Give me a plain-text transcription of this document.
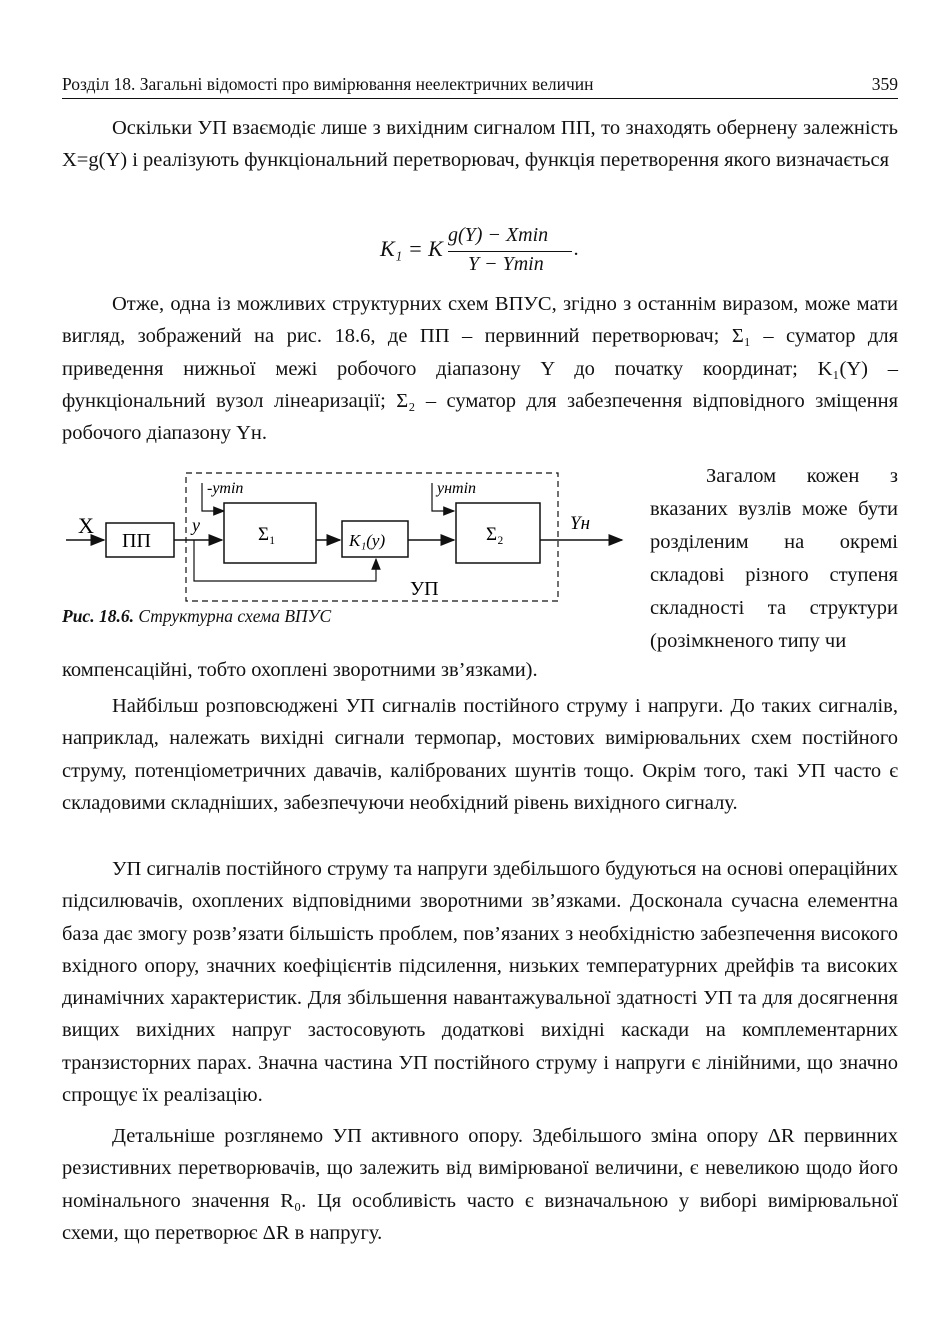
Розділ 18. Загальні відомості про вимірювання неелектричних величин	359

Оскільки УП взаємодіє лише з вихідним сигналом ПП, то знаходять обернену залежність X=g(Y) і реалізують функціональний перетворювач, функція перетворення якого визначається

K₁ = K
g(Y) − Xmin
Y − Ymin
.

Отже, одна із можливих структурних схем ВПУС, згідно з останнім виразом, може мати вигляд, зображений на рис. 18.6, де ПП – первинний перетворювач; Σ₁ – суматор для приведення нижньої межі робочого діапазону Y до початку координат; K₁(Y) – функціональний вузол лінеаризації; Σ₂ – суматор для забезпечення відповідного зміщення робочого діапазону Yн.

X
ПП
y
-ymin
Σ₁	K₁(y)
yнmin
Σ₂
Yн
УП
Рис. 18.6. Структурна схема ВПУС
Загалом кожен з вказаних вузлів може бути розділеним на окремі складові різного ступеня складності та структури (розімкненого типу чи

компенсаційні, тобто охоплені зворотними зв’язками).

Найбільш розповсюджені УП сигналів постійного струму і напруги. До таких сигналів, наприклад, належать вихідні сигнали термопар, мостових вимірювальних схем постійного струму, потенціометричних давачів, каліброваних шунтів тощо. Окрім того, такі УП часто є складовими складніших, забезпечуючи необхідний рівень вихідного сигналу.

УП сигналів постійного струму та напруги здебільшого будуються на основі операційних підсилювачів, охоплених відповідними зворотними зв’язками. Досконала сучасна елементна база дає змогу розв’язати більшість проблем, пов’язаних з необхідністю забезпечення високого вхідного опору, значних коефіцієнтів підсилення, низьких температурних дрейфів та високих динамічних характеристик. Для збільшення навантажувальної здатності УП та для досягнення вищих вихідних напруг застосовують додаткові вихідні каскади на комплементарних транзисторних парах. Значна частина УП постійного струму і напруги є лінійними, що значно спрощує їх реалізацію.

Детальніше розглянемо УП активного опору. Здебільшого зміна опору ΔR первинних резистивних перетворювачів, що залежить від вимірюваної величини, є невеликою щодо його номінального значення R₀. Ця особливість часто є визначальною у виборі вимірювальної схеми, що перетворює ΔR в напругу.
